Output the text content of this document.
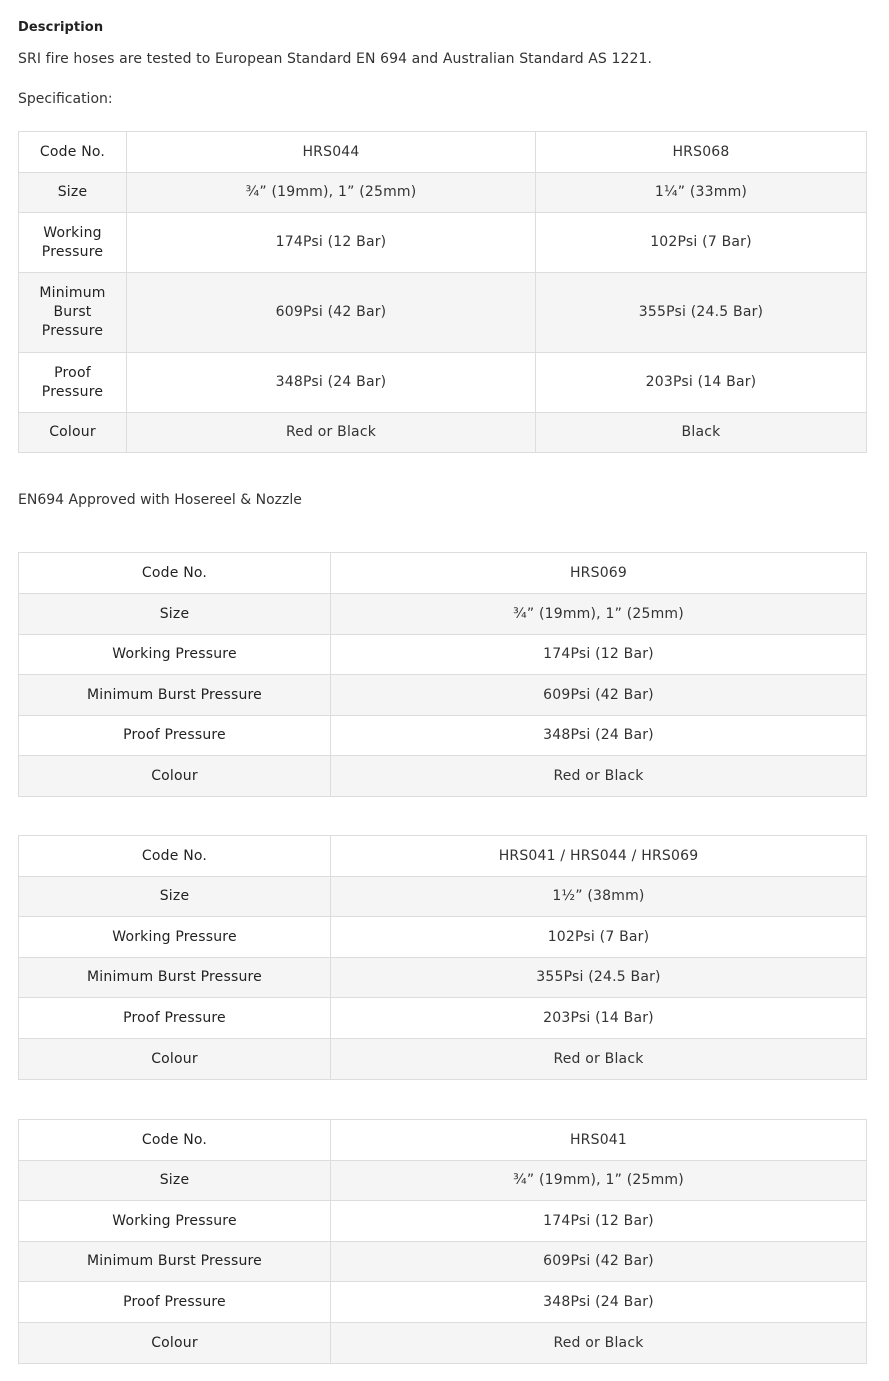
Description
SRI fire hoses are tested to European Standard EN 694 and Australian Standard AS 1221.
Specification:
Code No.	HRS044	HRS068
Size	¾” (19mm), 1” (25mm)	1¼” (33mm)
Working Pressure	174Psi (12 Bar)	102Psi (7 Bar)
Minimum Burst Pressure	609Psi (42 Bar)	355Psi (24.5 Bar)
Proof Pressure	348Psi (24 Bar)	203Psi (14 Bar)
Colour	Red or Black	Black
EN694 Approved with Hosereel & Nozzle
Code No.	HRS069
Size	¾” (19mm), 1” (25mm)
Working Pressure	174Psi (12 Bar)
Minimum Burst Pressure	609Psi (42 Bar)
Proof Pressure	348Psi (24 Bar)
Colour	Red or Black
Code No.	HRS041 / HRS044 / HRS069
Size	1½” (38mm)
Working Pressure	102Psi (7 Bar)
Minimum Burst Pressure	355Psi (24.5 Bar)
Proof Pressure	203Psi (14 Bar)
Colour	Red or Black
Code No.	HRS041
Size	¾” (19mm), 1” (25mm)
Working Pressure	174Psi (12 Bar)
Minimum Burst Pressure	609Psi (42 Bar)
Proof Pressure	348Psi (24 Bar)
Colour	Red or Black
